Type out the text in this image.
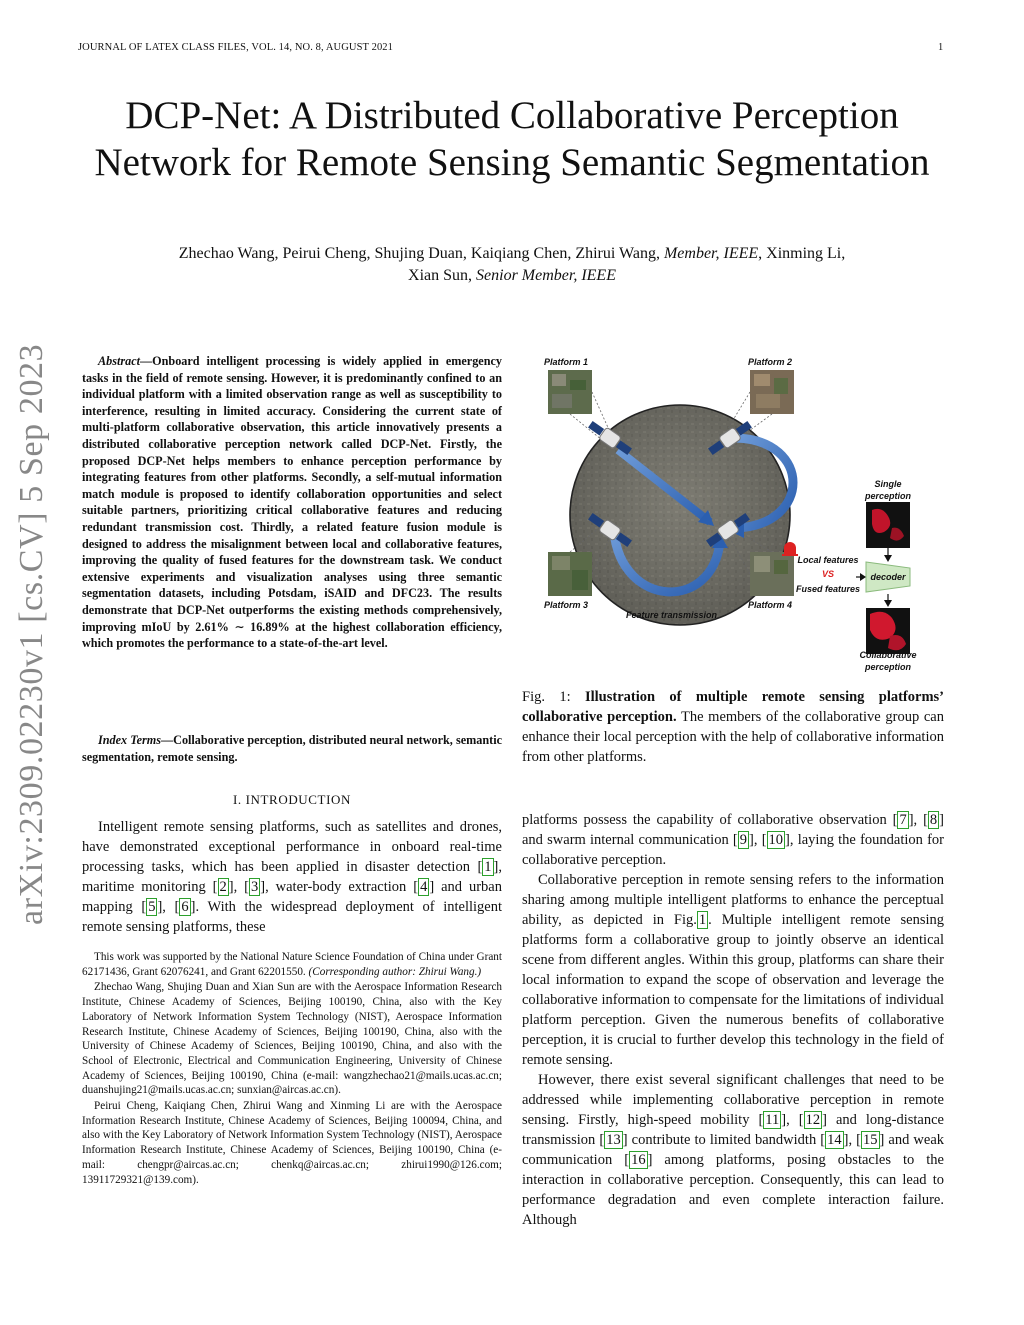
JOURNAL OF LATEX CLASS FILES, VOL. 14, NO. 8, AUGUST 2021	1
DCP-Net: A Distributed Collaborative Perception Network for Remote Sensing Semantic Segmentation
Zhechao Wang, Peirui Cheng, Shujing Duan, Kaiqiang Chen, Zhirui Wang, Member, IEEE, Xinming Li,
Xian Sun, Senior Member, IEEE
arXiv:2309.02230v1 [cs.CV] 5 Sep 2023	Abstract—Onboard intelligent processing is widely applied in emergency tasks in the field of remote sensing. However, it is predominantly confined to an individual platform with a limited observation range as well as susceptibility to interference, resulting in limited accuracy. Considering the current state of multi-platform collaborative observation, this article innovatively presents a distributed collaborative perception network called DCP-Net. Firstly, the proposed DCP-Net helps members to enhance perception performance by integrating features from other platforms. Secondly, a self-mutual information match module is proposed to identify collaboration opportunities and select suitable partners, prioritizing critical collaborative features and reducing redundant transmission cost. Thirdly, a related feature fusion module is designed to address the misalignment between local and collaborative features, improving the quality of fused features for the downstream task. We conduct extensive experiments and visualization analyses using three semantic segmentation datasets, including Potsdam, iSAID and DFC23. The results demonstrate that DCP-Net outperforms the existing methods comprehensively, improving mIoU by 2.61% ∼ 16.89% at the highest collaboration efficiency, which promotes the performance to a state-of-the-art level.

Index Terms—Collaborative perception, distributed neural network, semantic segmentation, remote sensing.

I. INTRODUCTION

Intelligent remote sensing platforms, such as satellites and drones, have demonstrated exceptional performance in onboard real-time processing tasks, which has been applied in disaster detection [ 1 ], maritime monitoring [ 2 ], [ 3 ], water-body extraction [ 4 ] and urban mapping [ 5 ], [ 6 ]. With the widespread deployment of intelligent remote sensing platforms, these

This work was supported by the National Nature Science Foundation of China under Grant 62171436, Grant 62076241, and Grant 62201550. (Corresponding author: Zhirui Wang.)

Zhechao Wang, Shujing Duan and Xian Sun are with the Aerospace Information Research Institute, Chinese Academy of Sciences, Beijing 100190, China, also with the Key Laboratory of Network Information System Technology (NIST), Aerospace Information Research Institute, Chinese Academy of Sciences, Beijing 100190, China, also with the University of Chinese Academy of Sciences, Beijing 100190, China, and also with the School of Electronic, Electrical and Communication Engineering, University of Chinese Academy of Sciences, Beijing 100190, China (e-mail: wangzhechao21@mails.ucas.ac.cn; duanshujing21@mails.ucas.ac.cn; sunxian@aircas.ac.cn).

Peirui Cheng, Kaiqiang Chen, Zhirui Wang and Xinming Li are with the Aerospace Information Research Institute, Chinese Academy of Sciences, Beijing 100094, China, and also with the Key Laboratory of Network Information System Technology (NIST), Aerospace Information Research Institute, Chinese Academy of Sciences, Beijing 100190, China (e-mail: chengpr@aircas.ac.cn; chenkq@aircas.ac.cn; zhirui1990@126.com; 13911729321@139.com).

Platform 1	Platform 2
Platform 3	Platform 4
Feature transmission
Single
perception
Local features
VS
Fused features
decoder
Collaborative
perception
Fig. 1: Illustration of multiple remote sensing platforms’ collaborative perception. The members of the collaborative group can enhance their local perception with the help of collaborative information from other platforms.

platforms possess the capability of collaborative observation [ 7 ], [ 8 ] and swarm internal communication [ 9 ], [ 10 ], laying the foundation for collaborative perception.

Collaborative perception in remote sensing refers to the information sharing among multiple intelligent platforms to enhance the perceptual ability, as depicted in Fig. 1 . Multiple intelligent remote sensing platforms form a collaborative group to jointly observe an identical scene from different angles. Within this group, platforms can share their local information to expand the scope of observation and leverage the collaborative information to compensate for the limitations of individual platform perception. Given the numerous benefits of collaborative perception, it is crucial to further develop this technology in the field of remote sensing.

However, there exist several significant challenges that need to be addressed while implementing collaborative perception in remote sensing. Firstly, high-speed mobility [ 11 ], [ 12 ] and long-distance transmission [ 13 ] contribute to limited bandwidth [ 14 ], [ 15 ] and weak communication [ 16 ] among platforms, posing obstacles to the interaction in collaborative perception. Consequently, this can lead to performance degradation and even complete interaction failure. Although
